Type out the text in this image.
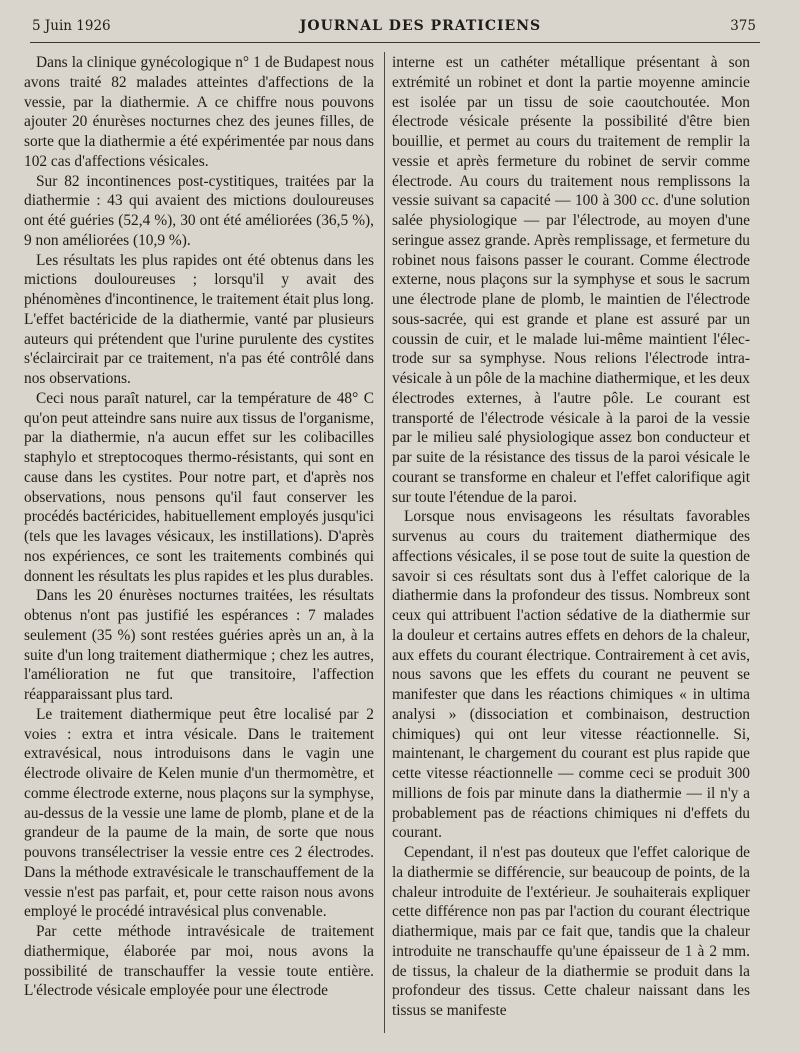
5 Juin 1926	JOURNAL DES PRATICIENS	375

Dans la clinique gynécologique n° 1 de Budapest nous avons traité 82 malades atteintes d'affections de la vessie, par la diathermie. A ce chiffre nous pouvons ajouter 20 énurèses nocturnes chez des jeunes filles, de sorte que la diathermie a été expérimentée par nous dans 102 cas d'affections vésicales.

Sur 82 incontinences post-cystitiques, traitées par la diathermie : 43 qui avaient des mictions douloureuses ont été guéries (52,4 %), 30 ont été améliorées (36,5 %), 9 non améliorées (10,9 %).

Les résultats les plus rapides ont été obtenus dans les mictions douloureuses ; lorsqu'il y avait des phénomènes d'incontinence, le traitement était plus long. L'effet bactéricide de la diathermie, vanté par plusieurs auteurs qui prétendent que l'urine purulente des cystites s'éclaircirait par ce traitement, n'a pas été contrôlé dans nos observations.

Ceci nous paraît naturel, car la température de 48° C qu'on peut atteindre sans nuire aux tissus de l'organisme, par la diathermie, n'a aucun effet sur les colibacilles staphylo et streptocoques thermo-résistants, qui sont en cause dans les cystites. Pour notre part, et d'après nos observations, nous pensons qu'il faut conserver les procédés bactéricides, habituellement employés jusqu'ici (tels que les lavages vésicaux, les instillations). D'après nos expériences, ce sont les traitements combinés qui donnent les résultats les plus rapides et les plus durables.

Dans les 20 énurèses nocturnes traitées, les résultats obtenus n'ont pas justifié les espérances : 7 malades seulement (35 %) sont restées guéries après un an, à la suite d'un long traitement diathermique ; chez les autres, l'amélioration ne fut que transitoire, l'affection réapparaissant plus tard.

Le traitement diathermique peut être localisé par 2 voies : extra et intra vésicale. Dans le traitement extravésical, nous introduisons dans le vagin une électrode olivaire de Kelen munie d'un thermomètre, et comme électrode externe, nous plaçons sur la symphyse, au-dessus de la vessie une lame de plomb, plane et de la grandeur de la paume de la main, de sorte que nous pouvons transélectriser la vessie entre ces 2 électrodes. Dans la méthode extravésicale le transchauffement de la vessie n'est pas parfait, et, pour cette raison nous avons employé le procédé intravésical plus convenable.

Par cette méthode intravésicale de traitement diathermique, élaborée par moi, nous avons la possibilité de transchauffer la vessie toute entière. L'électrode vésicale employée pour une électrode

interne est un cathéter métallique présentant à son extrémité un robinet et dont la partie moyenne amincie est isolée par un tissu de soie caoutchoutée. Mon électrode vésicale présente la possibilité d'être bien bouillie, et permet au cours du traitement de remplir la vessie et après fermeture du robinet de servir comme électrode. Au cours du traitement nous remplissons la vessie suivant sa capacité — 100 à 300 cc. d'une solution salée physiologique — par l'électrode, au moyen d'une seringue assez grande. Après remplissage, et fermeture du robinet nous faisons passer le courant. Comme électrode externe, nous plaçons sur la symphyse et sous le sacrum une électrode plane de plomb, le maintien de l'électrode sous-sacrée, qui est grande et plane est assuré par un coussin de cuir, et le malade lui-même maintient l'électrode sur sa symphyse. Nous relions l'électrode intra-vésicale à un pôle de la machine diathermique, et les deux électrodes externes, à l'autre pôle. Le courant est transporté de l'électrode vésicale à la paroi de la vessie par le milieu salé physiologique assez bon conducteur et par suite de la résistance des tissus de la paroi vésicale le courant se transforme en chaleur et l'effet calorifique agit sur toute l'étendue de la paroi.

Lorsque nous envisageons les résultats favorables survenus au cours du traitement diathermique des affections vésicales, il se pose tout de suite la question de savoir si ces résultats sont dus à l'effet calorique de la diathermie dans la profondeur des tissus. Nombreux sont ceux qui attribuent l'action sédative de la diathermie sur la douleur et certains autres effets en dehors de la chaleur, aux effets du courant électrique. Contrairement à cet avis, nous savons que les effets du courant ne peuvent se manifester que dans les réactions chimiques « in ultima analysi » (dissociation et combinaison, destruction chimiques) qui ont leur vitesse réactionnelle. Si, maintenant, le chargement du courant est plus rapide que cette vitesse réactionnelle — comme ceci se produit 300 millions de fois par minute dans la diathermie — il n'y a probablement pas de réactions chimiques ni d'effets du courant.

Cependant, il n'est pas douteux que l'effet calorique de la diathermie se différencie, sur beaucoup de points, de la chaleur introduite de l'extérieur. Je souhaiterais expliquer cette différence non pas par l'action du courant électrique diathermique, mais par ce fait que, tandis que la chaleur introduite ne transchauffe qu'une épaisseur de 1 à 2 mm. de tissus, la chaleur de la diathermie se produit dans la profondeur des tissus. Cette chaleur naissant dans les tissus se manifeste
